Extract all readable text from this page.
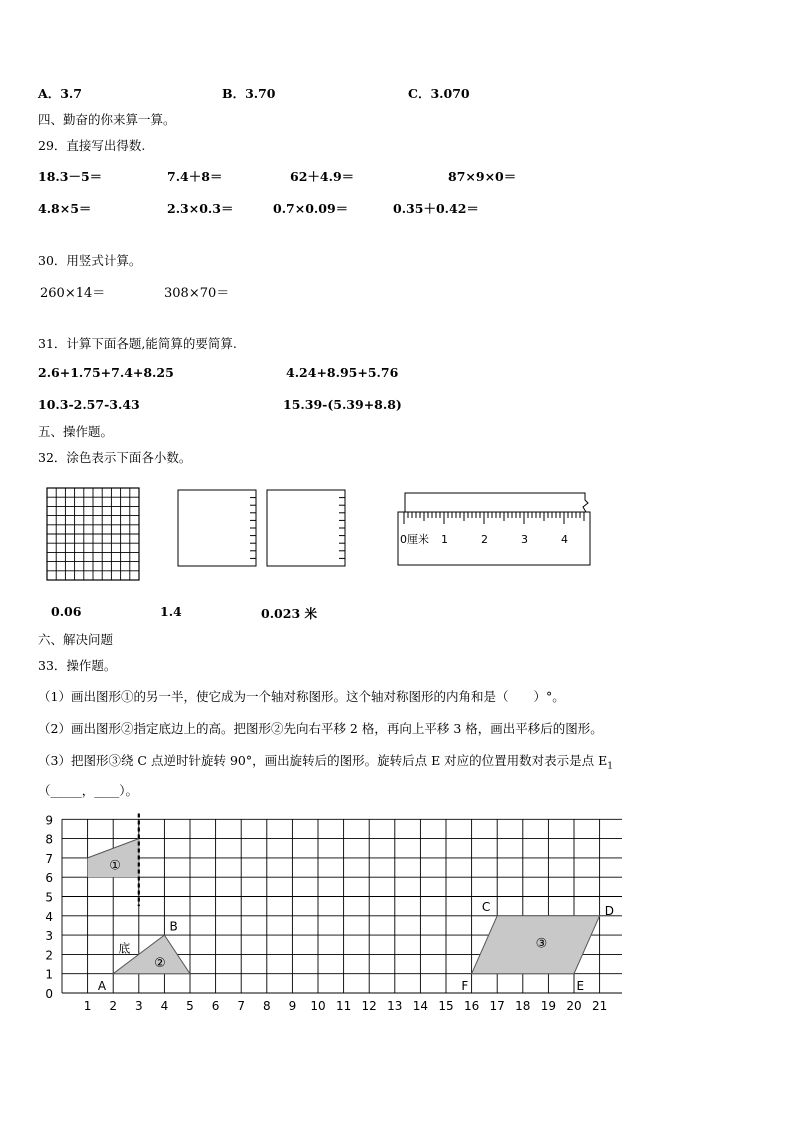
A．3.7	B．3.70	C．3.070
四、勤奋的你来算一算。
29．直接写出得数.
18.3－5＝	7.4＋8＝	62＋4.9＝	87×9×0＝
4.8×5＝	2.3×0.3＝	0.7×0.09＝	0.35＋0.42＝
30．用竖式计算。
260×14＝	308×70＝
31．计算下面各题,能简算的要简算.
2.6+1.75+7.4+8.25	4.24+8.95+5.76
10.3-2.57-3.43	15.39-(5.39+8.8)
五、操作题。
32．涂色表示下面各小数。
0厘米 1	2	3	4
0.06	1.4	0.023 米
六、解决问题
33．操作题。
（1）画出图形①的另一半，使它成为一个轴对称图形。这个轴对称图形的内角和是（　　）°。
（2）画出图形②指定底边上的高。把图形②先向右平移 2 格，再向上平移 3 格，画出平移后的图形。
（3）把图形③绕 C 点逆时针旋转 90°，画出旋转后的图形。旋转后点 E 对应的位置用数对表示是点 $E_1$
（_____，____）。
①
②
③
A
B
C	D
E
F
底
1 2 3 4 5 6 7 8 9 10 11 12 13 14 15 16 17 18 19 20 21
0
1
2
3
4
5
6
7
8
9
